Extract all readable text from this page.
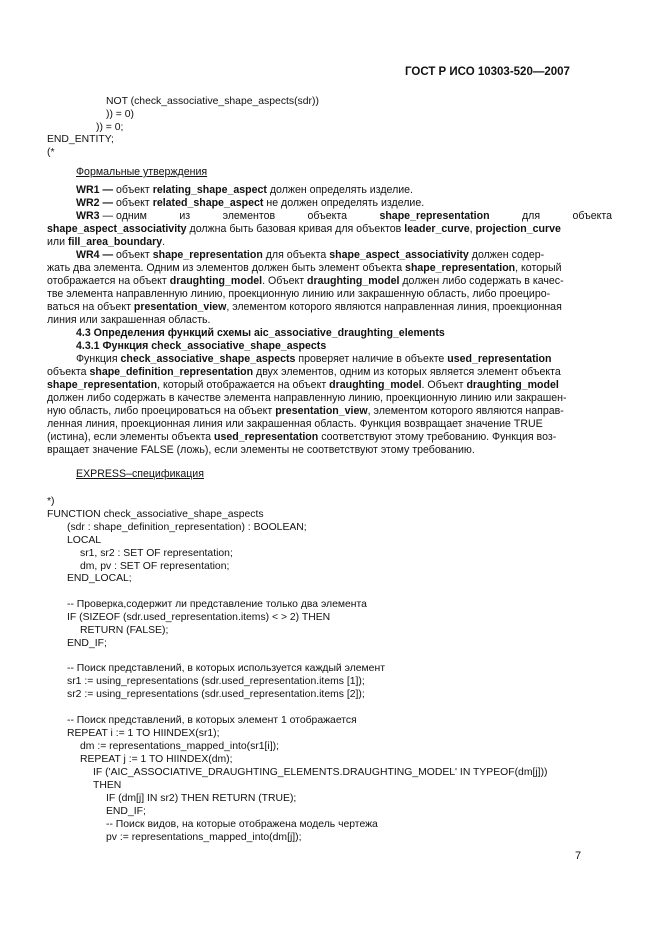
ГОСТ Р ИСО 10303-520—2007
NOT (check_associative_shape_aspects(sdr))
)) = 0)
)) = 0;
END_ENTITY;
(*
Формальные утверждения
WR1 — объект relating_shape_aspect должен определять изделие.
WR2 — объект related_shape_aspect не должен определять изделие.
WR3 — одним	из	элементов	объекта	shape_representation	для	объекта
shape_aspect_associativity должна быть базовая кривая для объектов leader_curve, projection_curve
или fill_area_boundary.
WR4 — объект shape_representation для объекта shape_aspect_associativity должен содер-
жать два элемента. Одним из элементов должен быть элемент объекта shape_representation, который
отображается на объект draughting_model. Объект draughting_model должен либо содержать в качес-
тве элемента направленную линию, проекционную линию или закрашенную область, либо проециро-
ваться на объект presentation_view, элементом которого являются направленная линия, проекционная
линия или закрашенная область.
4.3 Определения функций схемы aic_associative_draughting_elements
4.3.1 Функция check_associative_shape_aspects
Функция check_associative_shape_aspects проверяет наличие в объекте used_representation
объекта shape_definition_representation двух элементов, одним из которых является элемент объекта
shape_representation, который отображается на объект draughting_model. Объект draughting_model
должен либо содержать в качестве элемента направленную линию, проекционную линию или закрашен-
ную область, либо проецироваться на объект presentation_view, элементом которого являются направ-
ленная линия, проекционная линия или закрашенная область. Функция возвращает значение TRUE
(истина), если элементы объекта used_representation соответствуют этому требованию. Функция воз-
вращает значение FALSE (ложь), если элементы не соответствуют этому требованию.
EXPRESS–спецификация
*)
FUNCTION check_associative_shape_aspects
(sdr : shape_definition_representation) : BOOLEAN;
LOCAL
sr1, sr2 : SET OF representation;
dm, pv : SET OF representation;
END_LOCAL;
-- Проверка,содержит ли представление только два элемента
IF (SIZEOF (sdr.used_representation.items) < > 2) THEN
RETURN (FALSE);
END_IF;
-- Поиск представлений, в которых используется каждый элемент
sr1 := using_representations (sdr.used_representation.items [1]);
sr2 := using_representations (sdr.used_representation.items [2]);
-- Поиск представлений, в которых элемент 1 отображается
REPEAT i := 1 TO HIINDEX(sr1);
dm := representations_mapped_into(sr1[i]);
REPEAT j := 1 TO HIINDEX(dm);
IF ('AIC_ASSOCIATIVE_DRAUGHTING_ELEMENTS.DRAUGHTING_MODEL' IN TYPEOF(dm[j]))
THEN
IF (dm[j] IN sr2) THEN RETURN (TRUE);
END_IF;
-- Поиск видов, на которые отображена модель чертежа
pv := representations_mapped_into(dm[j]);
7
